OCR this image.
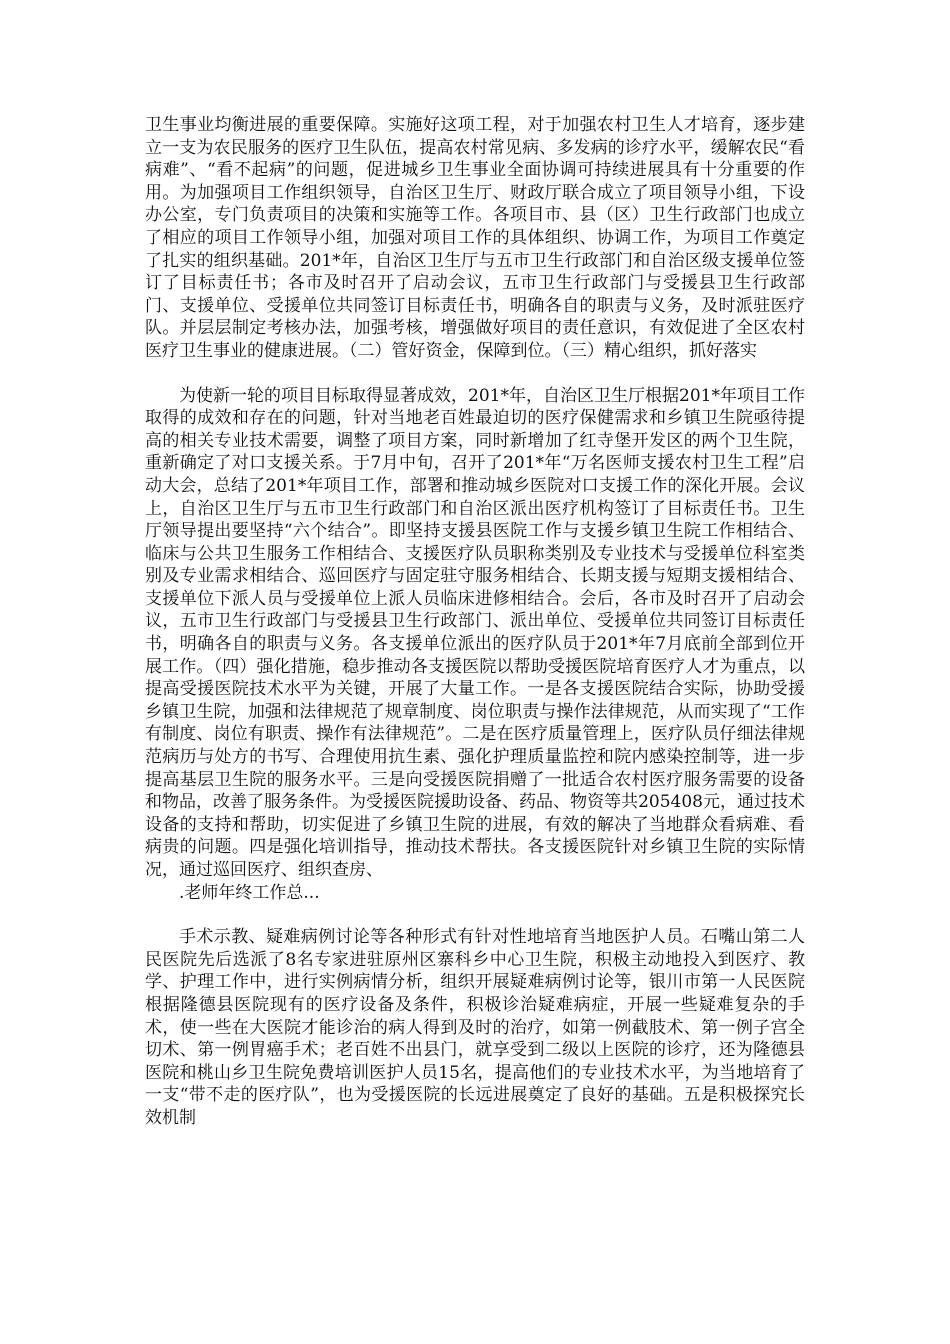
卫生事业均衡进展的重要保障。实施好这项工程，对于加强农村卫生人才培育，逐步建立一支为农民服务的医疗卫生队伍，提高农村常见病、多发病的诊疗水平，缓解农民“看病难”、“看不起病”的问题，促进城乡卫生事业全面协调可持续进展具有十分重要的作用。为加强项目工作组织领导，自治区卫生厅、财政厅联合成立了项目领导小组，下设办公室，专门负责项目的决策和实施等工作。各项目市、县（区）卫生行政部门也成立了相应的项目工作领导小组，加强对项目工作的具体组织、协调工作，为项目工作奠定了扎实的组织基础。201*年，自治区卫生厅与五市卫生行政部门和自治区级支援单位签订了目标责任书；各市及时召开了启动会议，五市卫生行政部门与受援县卫生行政部门、支援单位、受援单位共同签订目标责任书，明确各自的职责与义务，及时派驻医疗队。并层层制定考核办法，加强考核，增强做好项目的责任意识，有效促进了全区农村医疗卫生事业的健康进展。（二）管好资金，保障到位。（三）精心组织，抓好落实

为使新一轮的项目目标取得显著成效，201*年，自治区卫生厅根据201*年项目工作取得的成效和存在的问题，针对当地老百姓最迫切的医疗保健需求和乡镇卫生院亟待提高的相关专业技术需要，调整了项目方案，同时新增加了红寺堡开发区的两个卫生院，重新确定了对口支援关系。于7月中旬，召开了201*年“万名医师支援农村卫生工程”启动大会，总结了201*年项目工作，部署和推动城乡医院对口支援工作的深化开展。会议上，自治区卫生厅与五市卫生行政部门和自治区派出医疗机构签订了目标责任书。卫生厅领导提出要坚持“六个结合”。即坚持支援县医院工作与支援乡镇卫生院工作相结合、临床与公共卫生服务工作相结合、支援医疗队员职称类别及专业技术与受援单位科室类别及专业需求相结合、巡回医疗与固定驻守服务相结合、长期支援与短期支援相结合、支援单位下派人员与受援单位上派人员临床进修相结合。会后，各市及时召开了启动会议，五市卫生行政部门与受援县卫生行政部门、派出单位、受援单位共同签订目标责任书，明确各自的职责与义务。各支援单位派出的医疗队员于201*年7月底前全部到位开展工作。（四）强化措施，稳步推动各支援医院以帮助受援医院培育医疗人才为重点，以提高受援医院技术水平为关键，开展了大量工作。一是各支援医院结合实际，协助受援乡镇卫生院，加强和法律规范了规章制度、岗位职责与操作法律规范，从而实现了“工作有制度、岗位有职责、操作有法律规范”。二是在医疗质量管理上，医疗队员仔细法律规范病历与处方的书写、合理使用抗生素、强化护理质量监控和院内感染控制等，进一步提高基层卫生院的服务水平。三是向受援医院捐赠了一批适合农村医疗服务需要的设备和物品，改善了服务条件。为受援医院援助设备、药品、物资等共205408元，通过技术设备的支持和帮助，切实促进了乡镇卫生院的进展，有效的解决了当地群众看病难、看病贵的问题。四是强化培训指导，推动技术帮扶。各支援医院针对乡镇卫生院的实际情况，通过巡回医疗、组织查房、

.老师年终工作总...

手术示教、疑难病例讨论等各种形式有针对性地培育当地医护人员。石嘴山第二人民医院先后选派了8名专家进驻原州区寨科乡中心卫生院，积极主动地投入到医疗、教学、护理工作中，进行实例病情分析，组织开展疑难病例讨论等，银川市第一人民医院根据隆德县医院现有的医疗设备及条件，积极诊治疑难病症，开展一些疑难复杂的手术，使一些在大医院才能诊治的病人得到及时的治疗，如第一例截肢术、第一例子宫全切术、第一例胃癌手术；老百姓不出县门，就享受到二级以上医院的诊疗，还为隆德县医院和桃山乡卫生院免费培训医护人员15名，提高他们的专业技术水平，为当地培育了一支“带不走的医疗队”，也为受援医院的长远进展奠定了良好的基础。五是积极探究长效机制
